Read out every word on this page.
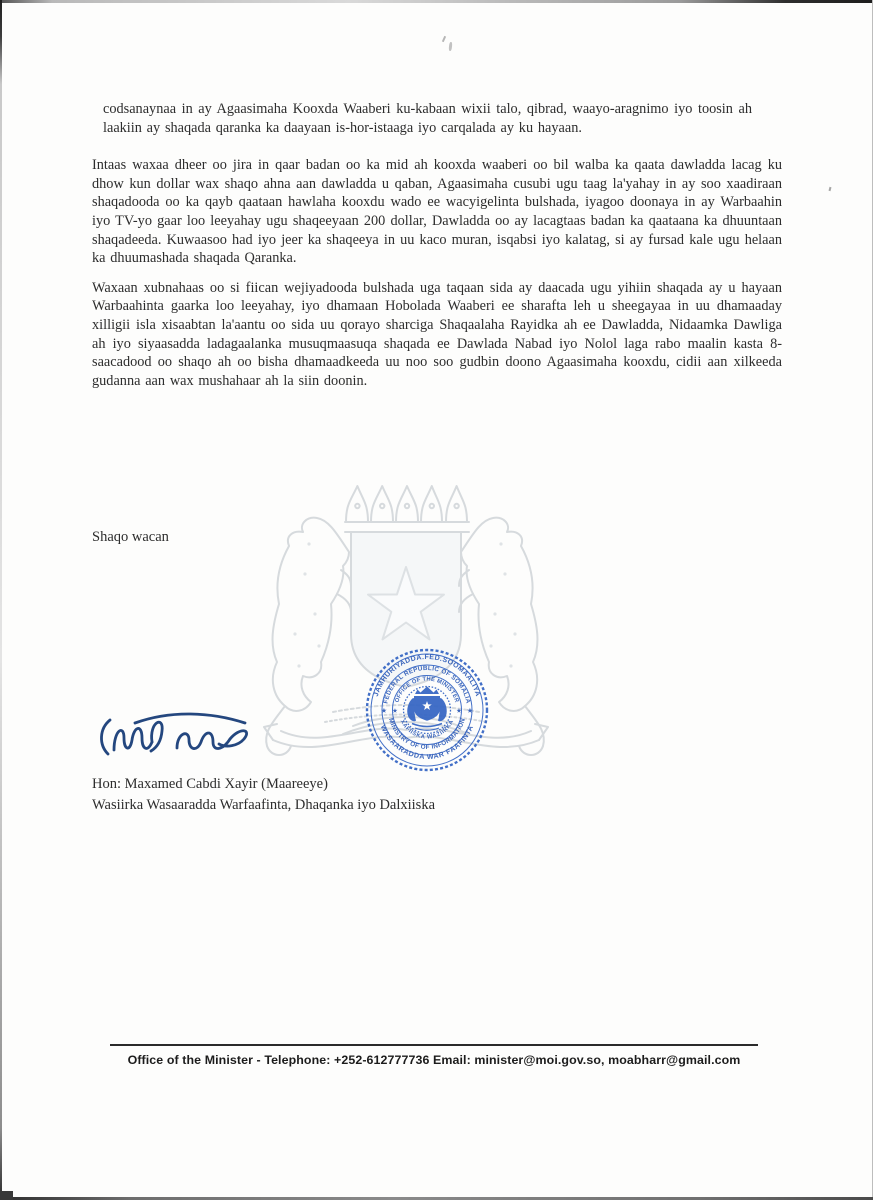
codsanaynaa in ay Agaasimaha Kooxda Waaberi ku-kabaan wixii talo, qibrad, waayo-aragnimo iyo toosin ah laakiin ay shaqada qaranka ka daayaan is-hor-istaaga iyo carqalada ay ku hayaan.

Intaas waxaa dheer oo jira in qaar badan oo ka mid ah kooxda waaberi oo bil walba ka qaata dawladda lacag ku dhow kun dollar wax shaqo ahna aan dawladda u qaban, Agaasimaha cusubi ugu taag la'yahay in ay soo xaadiraan shaqadooda oo ka qayb qaataan hawlaha kooxdu wado ee wacyigelinta bulshada, iyagoo doonaya in ay Warbaahin iyo TV-yo gaar loo leeyahay ugu shaqeeyaan 200 dollar, Dawladda oo ay lacagtaas badan ka qaataana ka dhuuntaan shaqadeeda. Kuwaasoo had iyo jeer ka shaqeeya in uu kaco muran, isqabsi iyo kalatag, si ay fursad kale ugu helaan ka dhuumashada shaqada Qaranka.

Waxaan xubnahaas oo si fiican wejiyadooda bulshada uga taqaan sida ay daacada ugu yihiin shaqada ay u hayaan Warbaahinta gaarka loo leeyahay, iyo dhamaan Hobolada Waaberi ee sharafta leh u sheegayaa in uu dhamaaday xilligii isla xisaabtan la'aantu oo sida uu qorayo sharciga Shaqaalaha Rayidka ah ee Dawladda, Nidaamka Dawliga ah iyo siyaasadda ladagaalanka musuqmaasuqa shaqada ee Dawlada Nabad iyo Nolol laga rabo maalin kasta 8-saacadood oo shaqo ah oo bisha dhamaadkeeda uu noo soo gudbin doono Agaasimaha kooxdu, cidii aan xilkeeda gudanna aan wax mushahaar ah la siin doonin.

Shaqo wacan
JAMHURIYADDA.FED.SOOMAALIYA
WASAARADDA WAR FAAFINTA
FEDERAL REPUBLIC OF SOMALIA
MINISTRY OF OF INFORMATION
OFFICE OF THE MINISTER
XAFIISKA WAZIIRKA
★	★
★	★
Hon: Maxamed Cabdi Xayir (Maareeye)
Wasiirka Wasaaradda Warfaafinta, Dhaqanka iyo Dalxiiska
Office of the Minister - Telephone: +252-612777736 Email: minister@moi.gov.so, moabharr@gmail.com
